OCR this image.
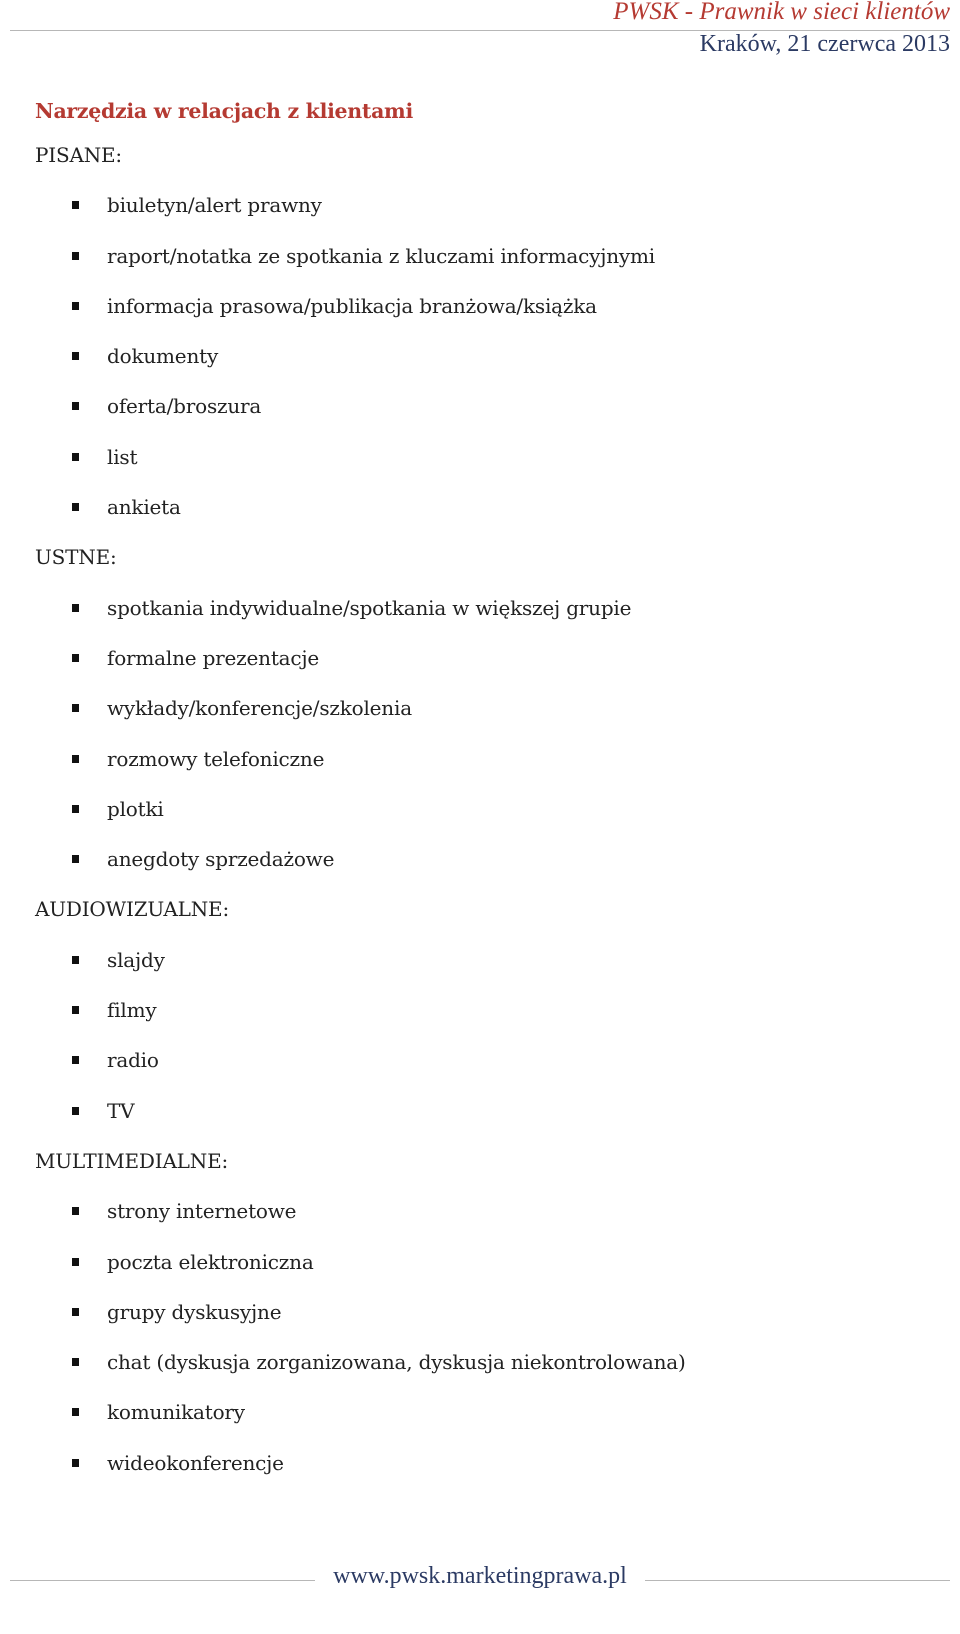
PWSK - Prawnik w sieci klientów

Kraków, 21 czerwca 2013

Narzędzia w relacjach z klientami

PISANE:

biuletyn/alert prawny
raport/notatka ze spotkania z kluczami informacyjnymi
informacja prasowa/publikacja branżowa/książka
dokumenty
oferta/broszura
list
ankieta

USTNE:

spotkania indywidualne/spotkania w większej grupie
formalne prezentacje
wykłady/konferencje/szkolenia
rozmowy telefoniczne
plotki
anegdoty sprzedażowe

AUDIOWIZUALNE:

slajdy
filmy
radio
TV

MULTIMEDIALNE:

strony internetowe
poczta elektroniczna
grupy dyskusyjne
chat (dyskusja zorganizowana, dyskusja niekontrolowana)
komunikatory
wideokonferencje
www.pwsk.marketingprawa.pl
